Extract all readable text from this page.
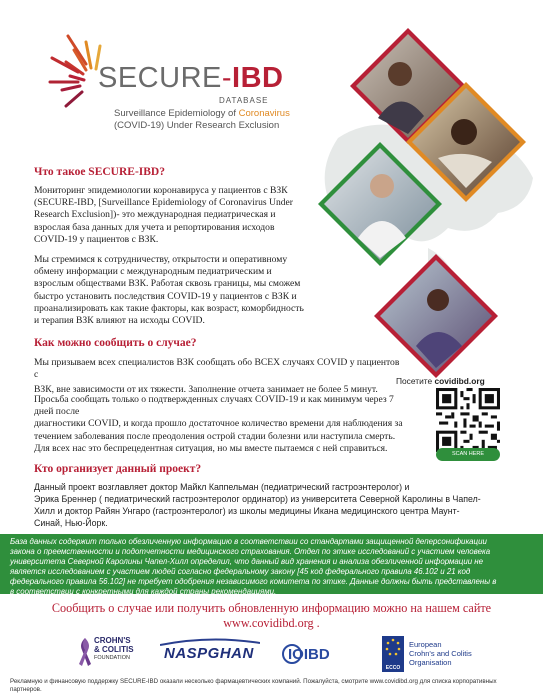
SECURE-IBD
DATABASE
Surveillance Epidemiology of Coronavirus
(COVID-19) Under Research Exclusion
Что такое SECURE-IBD?
Мониторинг эпидемиологии коронавируса у пациентов с ВЗК
(SECURE-IBD, [Surveillance Epidemiology of Coronavirus Under
Research Exclusion])- это международная педиатрическая и
взрослая база данных для учета и репортирования исходов
COVID-19 у пациентов с ВЗК.
Мы стремимся к сотрудничеству, открытости и оперативному
обмену информации с международным педиатрическим и
взрослым обществами ВЗК. Работая сквозь границы, мы сможем
быстро установить последствия COVID-19 у пациентов с ВЗК и
проанализировать как такие факторы, как возраст, коморбидность
и терапия ВЗК влияют на исходы COVID.
Как можно сообщить о случае?
Мы призываем всех специалистов ВЗК сообщать обо ВСЕХ случаях COVID у пациентов с
ВЗК, вне зависимости от их тяжести. Заполнение отчета занимает не более 5 минут.
Просьба сообщать только о подтвержденных случаях COVID-19 и как минимум через 7
дней после
диагностики COVID, и когда прошло достаточное количество времени для наблюдения за
течением заболевания после преодоления острой стадии болезни или наступила смерть.
Для всех нас это беспрецедентная ситуация, но мы вместе пытаемся с ней справиться.
Посетите covidibd.org
SCAN HERE
Кто организует данный проект?
Данный проект возглавляет доктор Майкл Каппельман (педиатрический гастроэнтеролог) и
Эрика Бреннер ( педиатрический гастроэнтеролог ординатор) из университета Северной Каролины в Чапел-
Хилл и доктор Райян Унгаро (гастроэнтеролог) из школы медицины Икана медицинского центра Маунт-
Синай, Нью-Йорк.
База данных содержит только обезличенную информацию в соответствии со стандартами защищенной деперсонификации
закона о преемственности и подотчетности медицинского страхования. Отдел по этике исследований с участием человека
университета Северной Каролины Чапел-Хилл определил, что данный вид хранения и анализа обезличенной информации не
является исследованием с участием людей согласно федеральному закону [45 код федерального правила 46.102 и 21 код
федерального правила 56.102] не требует одобрения независимого комитета по этике. Данные должны быть представлены в
в соответствии с конкретными для каждой страны рекомендациями.
Сообщить о случае или получить обновленную информацию можно на нашем сайте
www.covidibd.org .
CROHN'S
& COLITIS
FOUNDATION NASPGHAN IOIBD
ECCO
European
Crohn's and Colitis
Organisation
Рекламную и финансовую поддержку SECURE-IBD оказали несколько фармацевтических компаний. Пожалуйста, смотрите www.covidibd.org для списка корпоративных
партнеров.
